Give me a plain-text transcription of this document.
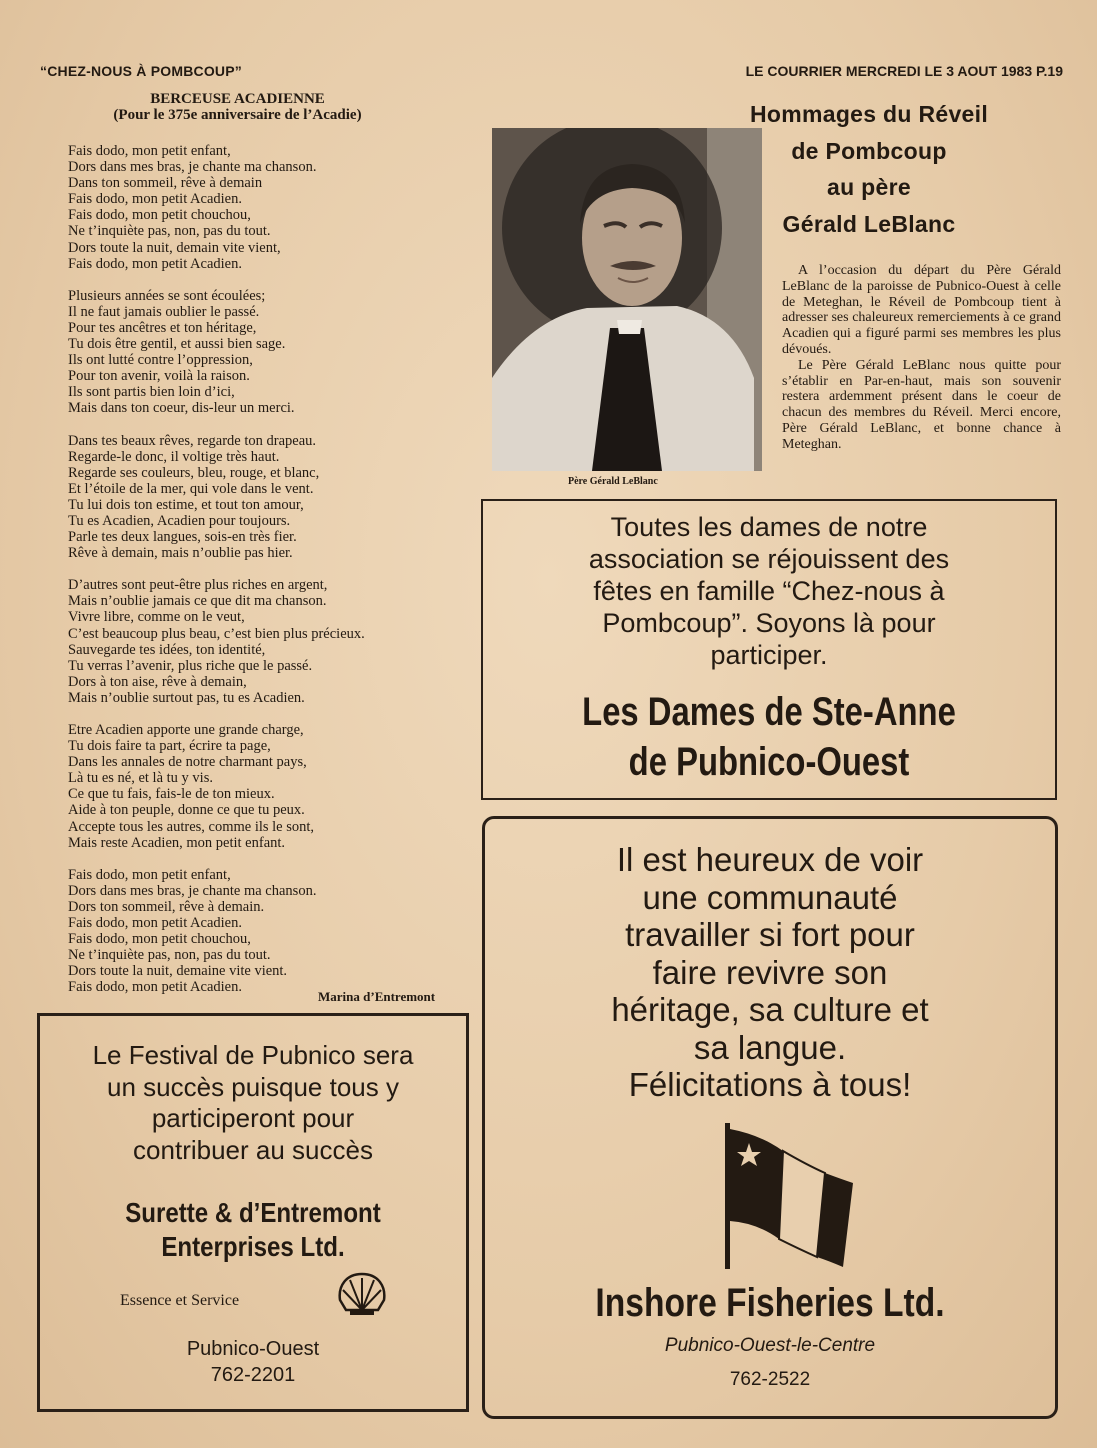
“CHEZ-NOUS À POMBCOUP”	LE COURRIER MERCREDI LE 3 AOUT 1983 P.19
BERCEUSE ACADIENNE
(Pour le 375e anniversaire de l’Acadie)
Fais dodo, mon petit enfant,
Dors dans mes bras, je chante ma chanson.
Dans ton sommeil, rêve à demain
Fais dodo, mon petit Acadien.
Fais dodo, mon petit chouchou,
Ne t’inquiète pas, non, pas du tout.
Dors toute la nuit, demain vite vient,
Fais dodo, mon petit Acadien.
Plusieurs années se sont écoulées;
Il ne faut jamais oublier le passé.
Pour tes ancêtres et ton héritage,
Tu dois être gentil, et aussi bien sage.
Ils ont lutté contre l’oppression,
Pour ton avenir, voilà la raison.
Ils sont partis bien loin d’ici,
Mais dans ton coeur, dis-leur un merci.
Dans tes beaux rêves, regarde ton drapeau.
Regarde-le donc, il voltige très haut.
Regarde ses couleurs, bleu, rouge, et blanc,
Et l’étoile de la mer, qui vole dans le vent.
Tu lui dois ton estime, et tout ton amour,
Tu es Acadien, Acadien pour toujours.
Parle tes deux langues, sois-en très fier.
Rêve à demain, mais n’oublie pas hier.
D’autres sont peut-être plus riches en argent,
Mais n’oublie jamais ce que dit ma chanson.
Vivre libre, comme on le veut,
C’est beaucoup plus beau, c’est bien plus précieux.
Sauvegarde tes idées, ton identité,
Tu verras l’avenir, plus riche que le passé.
Dors à ton aise, rêve à demain,
Mais n’oublie surtout pas, tu es Acadien.
Etre Acadien apporte une grande charge,
Tu dois faire ta part, écrire ta page,
Dans les annales de notre charmant pays,
Là tu es né, et là tu y vis.
Ce que tu fais, fais-le de ton mieux.
Aide à ton peuple, donne ce que tu peux.
Accepte tous les autres, comme ils le sont,
Mais reste Acadien, mon petit enfant.
Fais dodo, mon petit enfant,
Dors dans mes bras, je chante ma chanson.
Dors ton sommeil, rêve à demain.
Fais dodo, mon petit Acadien.
Fais dodo, mon petit chouchou,
Ne t’inquiète pas, non, pas du tout.
Dors toute la nuit, demaine vite vient.
Fais dodo, mon petit Acadien.
Marina d’Entremont
Père Gérald LeBlanc
Hommages du Réveil
de Pombcoup
au père
Gérald LeBlanc

A l’occasion du départ du Père Gérald LeBlanc de la paroisse de Pubnico-Ouest à celle de Meteghan, le Réveil de Pombcoup tient à adresser ses chaleureux remerciements à ce grand Acadien qui a figuré parmi ses membres les plus dévoués.

Le Père Gérald LeBlanc nous quitte pour s’établir en Par-en-haut, mais son souvenir restera ardemment présent dans le coeur de chacun des membres du Réveil. Merci encore, Père Gérald LeBlanc, et bonne chance à Meteghan.

Toutes les dames de notre
association se réjouissent des
fêtes en famille “Chez-nous à
Pombcoup”. Soyons là pour
participer.
Les Dames de Ste-Anne
de Pubnico-Ouest
Le Festival de Pubnico sera
un succès puisque tous y
participeront pour
contribuer au succès
Surette & d’Entremont
Enterprises Ltd.
Essence et Service
Pubnico-Ouest
762-2201
Il est heureux de voir
une communauté
travailler si fort pour
faire revivre son
héritage, sa culture et
sa langue.
Félicitations à tous!
Inshore Fisheries Ltd.
Pubnico-Ouest-le-Centre
762-2522
